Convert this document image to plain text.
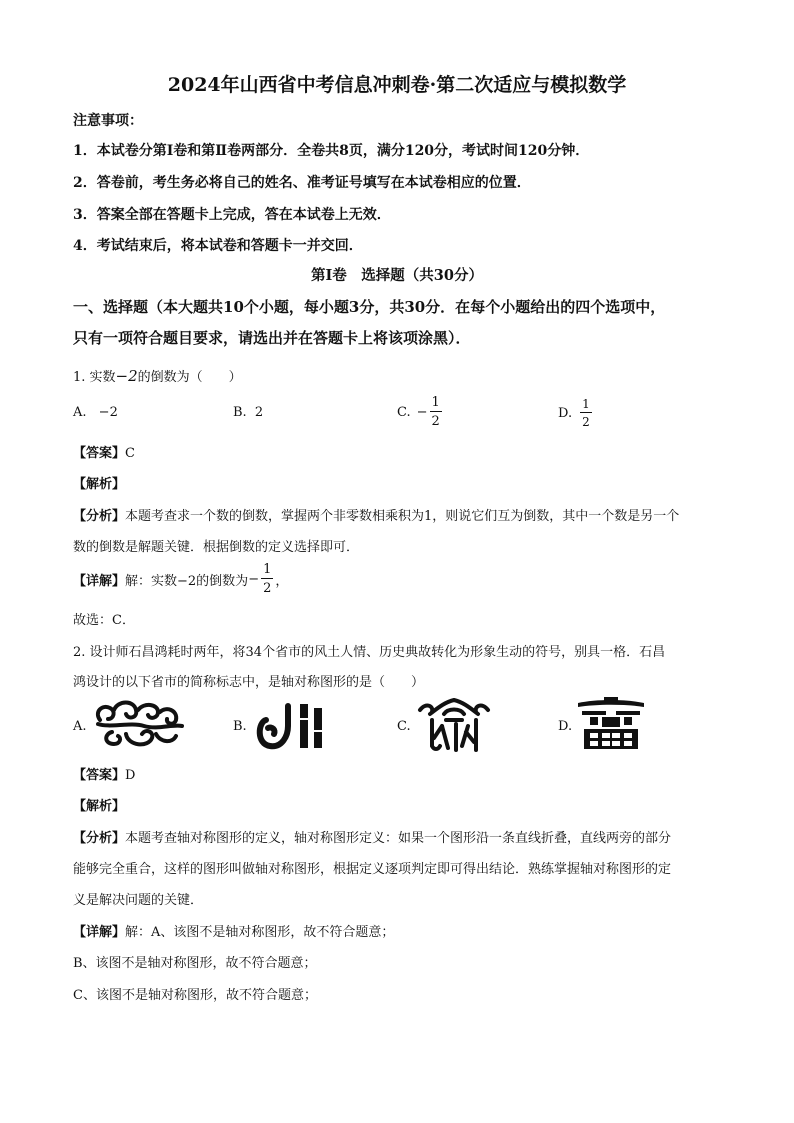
2024年山西省中考信息冲刺卷·第二次适应与模拟数学
注意事项：
1．本试卷分第Ⅰ卷和第Ⅱ卷两部分．全卷共8页，满分120分，考试时间120分钟．
2．答卷前，考生务必将自己的姓名、准考证号填写在本试卷相应的位置．
3．答案全部在答题卡上完成，答在本试卷上无效．
4．考试结束后，将本试卷和答题卡一并交回．
第Ⅰ卷　选择题（共30分）
一、选择题（本大题共10个小题，每小题3分，共30分．在每个小题给出的四个选项中，
只有一项符合题目要求，请选出并在答题卡上将该项涂黑）．
1. 实数−2的倒数为（　　）
A. −2	B. 2	C. − $\frac{1}{2}$	D. $\frac{1}{2}$
【答案】C
【解析】
【分析】本题考查求一个数的倒数，掌握两个非零数相乘积为1，则说它们互为倒数，其中一个数是另一个
数的倒数是解题关键．根据倒数的定义选择即可．
【详解】 解：实数−2的倒数为 − $\frac{1}{2}$ ，
故选：C．
2. 设计师石昌鸿耗时两年，将34个省市的风土人情、历史典故转化为形象生动的符号，别具一格．石昌
鸿设计的以下省市的简称标志中，是轴对称图形的是（　　）
A.	B.	C.	D.
【答案】D
【解析】
【分析】本题考查轴对称图形的定义，轴对称图形定义：如果一个图形沿一条直线折叠，直线两旁的部分
能够完全重合，这样的图形叫做轴对称图形，根据定义逐项判定即可得出结论．熟练掌握轴对称图形的定
义是解决问题的关键．
【详解】解：A、该图不是轴对称图形，故不符合题意；
B、该图不是轴对称图形，故不符合题意；
C、该图不是轴对称图形，故不符合题意；
